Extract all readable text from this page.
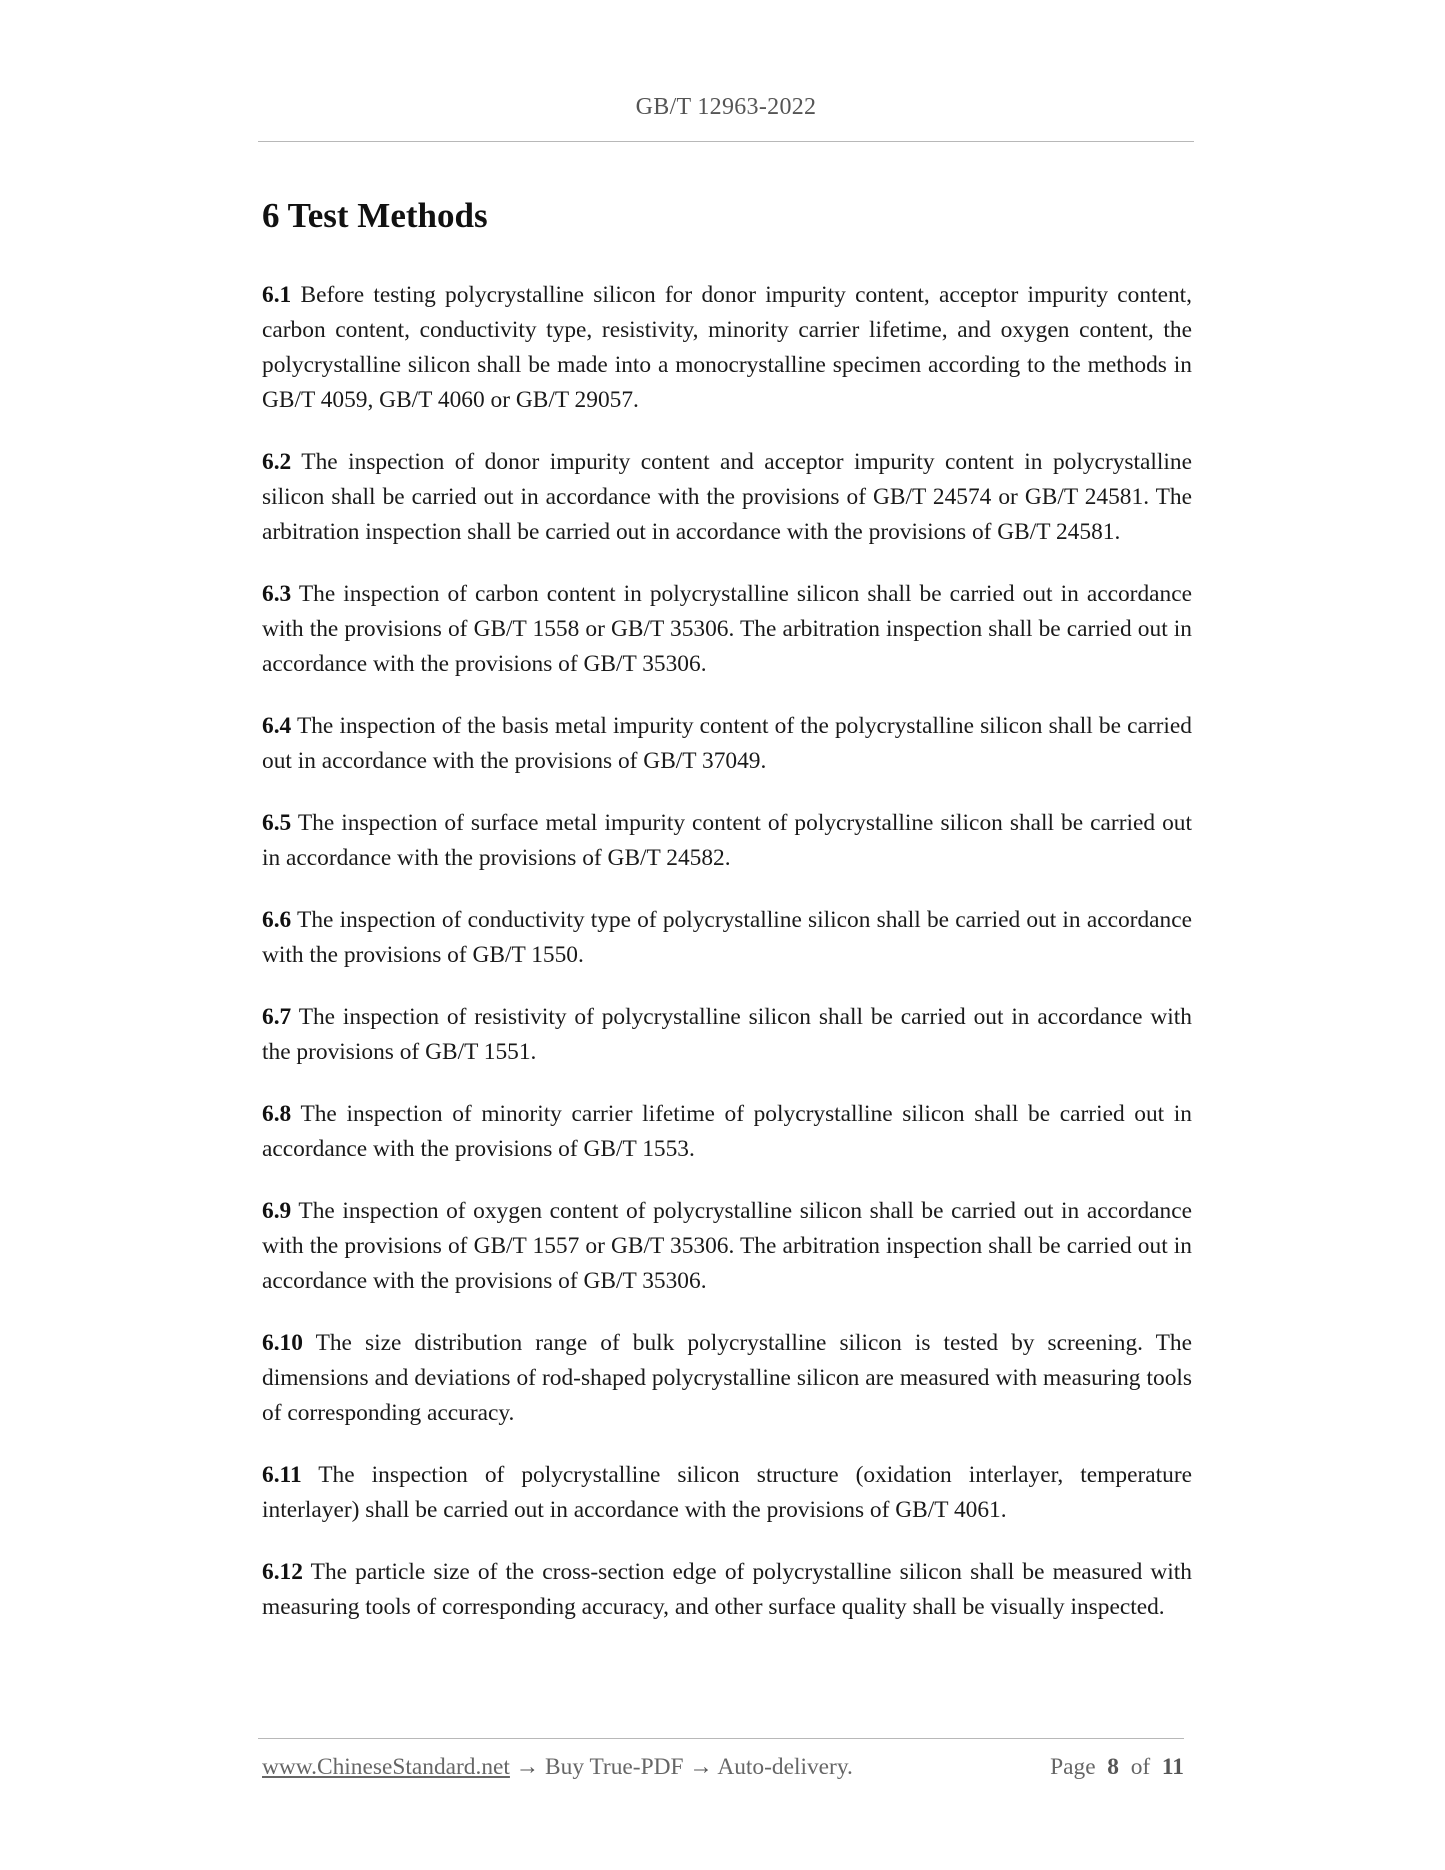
GB/T 12963-2022
6 Test Methods

6.1 Before testing polycrystalline silicon for donor impurity content, acceptor impurity content, carbon content, conductivity type, resistivity, minority carrier lifetime, and oxygen content, the polycrystalline silicon shall be made into a monocrystalline specimen according to the methods in GB/T 4059, GB/T 4060 or GB/T 29057.

6.2 The inspection of donor impurity content and acceptor impurity content in polycrystalline silicon shall be carried out in accordance with the provisions of GB/T 24574 or GB/T 24581. The arbitration inspection shall be carried out in accordance with the provisions of GB/T 24581.

6.3 The inspection of carbon content in polycrystalline silicon shall be carried out in accordance with the provisions of GB/T 1558 or GB/T 35306. The arbitration inspection shall be carried out in accordance with the provisions of GB/T 35306.

6.4 The inspection of the basis metal impurity content of the polycrystalline silicon shall be carried out in accordance with the provisions of GB/T 37049.

6.5 The inspection of surface metal impurity content of polycrystalline silicon shall be carried out in accordance with the provisions of GB/T 24582.

6.6 The inspection of conductivity type of polycrystalline silicon shall be carried out in accordance with the provisions of GB/T 1550.

6.7 The inspection of resistivity of polycrystalline silicon shall be carried out in accordance with the provisions of GB/T 1551.

6.8 The inspection of minority carrier lifetime of polycrystalline silicon shall be carried out in accordance with the provisions of GB/T 1553.

6.9 The inspection of oxygen content of polycrystalline silicon shall be carried out in accordance with the provisions of GB/T 1557 or GB/T 35306. The arbitration inspection shall be carried out in accordance with the provisions of GB/T 35306.

6.10 The size distribution range of bulk polycrystalline silicon is tested by screening. The dimensions and deviations of rod-shaped polycrystalline silicon are measured with measuring tools of corresponding accuracy.

6.11 The inspection of polycrystalline silicon structure (oxidation interlayer, temperature interlayer) shall be carried out in accordance with the provisions of GB/T 4061.

6.12 The particle size of the cross-section edge of polycrystalline silicon shall be measured with measuring tools of corresponding accuracy, and other surface quality shall be visually inspected.

www.ChineseStandard.net → Buy True-PDF → Auto-delivery.	Page 8 of 11
